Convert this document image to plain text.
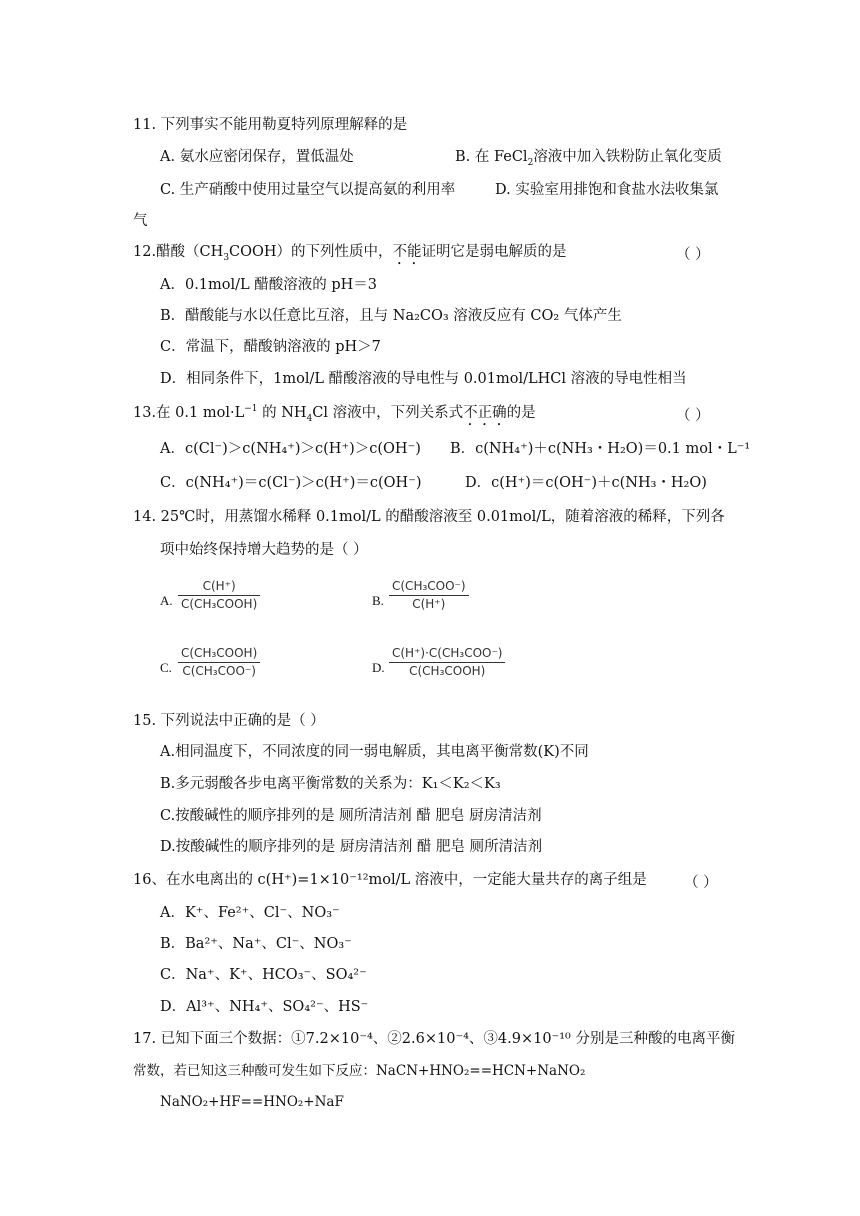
11. 下列事实不能用勒夏特列原理解释的是
A. 氨水应密闭保存，置低温处	B. 在 FeCl$_2$溶液中加入铁粉防止氧化变质
C. 生产硝酸中使用过量空气以提高氨的利用率	D. 实验室用排饱和食盐水法收集氯
气
12.醋酸$(CH_3COOH)$的下列性质中，不能证明它是弱电解质的是	（ ）
A．0.1mol/L 醋酸溶液的 pH＝3
B．醋酸能与水以任意比互溶，且与 Na₂CO₃ 溶液反应有 CO₂ 气体产生
C．常温下，醋酸钠溶液的 pH＞7
D．相同条件下，1mol/L 醋酸溶液的导电性与 0.01mol/LHCl 溶液的导电性相当
13.在 0.1 $mol\cdot L^{-1}$ 的 $NH_4Cl$ 溶液中，下列关系式不正确的是	（ ）
A．c(Cl⁻)＞c(NH₄⁺)＞c(H⁺)＞c(OH⁻) B．c(NH₄⁺)＋c(NH₃・H₂O)＝0.1 mol・L⁻¹
C．c(NH₄⁺)＝c(Cl⁻)＞c(H⁺)＝c(OH⁻)	D．c(H⁺)＝c(OH⁻)＋c(NH₃・H₂O)
14. 25℃时，用蒸馏水稀释 0.1mol/L 的醋酸溶液至 0.01mol/L，随着溶液的稀释，下列各
项中始终保持增大趋势的是（ ）
A.
C(H⁺)
C(CH₃COOH)	B.
C(CH₃COO⁻)
C(H⁺)
C.
C(CH₃COOH)
C(CH₃COO⁻)	D.
C(H⁺)·C(CH₃COO⁻)
C(CH₃COOH)
15. 下列说法中正确的是（ ）
A.相同温度下，不同浓度的同一弱电解质，其电离平衡常数(K)不同
B.多元弱酸各步电离平衡常数的关系为：K₁＜K₂＜K₃
C.按酸碱性的顺序排列的是 厕所清洁剂 醋 肥皂 厨房清洁剂
D.按酸碱性的顺序排列的是 厨房清洁剂 醋 肥皂 厕所清洁剂
16、在水电离出的 c(H⁺)=1×10⁻¹²mol/L 溶液中，一定能大量共存的离子组是	（ ）
A．K⁺、Fe²⁺、Cl⁻、NO₃⁻
B．Ba²⁺、Na⁺、Cl⁻、NO₃⁻
C．Na⁺、K⁺、HCO₃⁻、SO₄²⁻
D．Al³⁺、NH₄⁺、SO₄²⁻、HS⁻
17. 已知下面三个数据：①7.2×10⁻⁴、②2.6×10⁻⁴、③4.9×10⁻¹⁰ 分别是三种酸的电离平衡
常数，若已知这三种酸可发生如下反应：NaCN+HNO₂==HCN+NaNO₂
NaNO₂+HF==HNO₂+NaF
